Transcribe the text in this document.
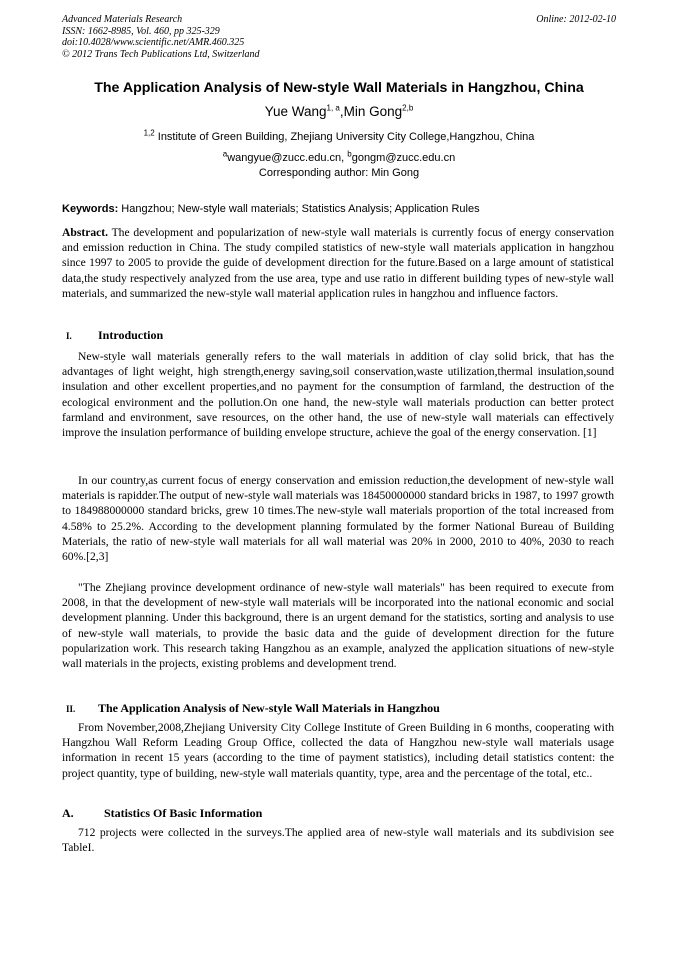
Advanced Materials Research
ISSN: 1662-8985, Vol. 460, pp 325-329
doi:10.4028/www.scientific.net/AMR.460.325
© 2012 Trans Tech Publications Ltd, Switzerland
Online: 2012-02-10
The Application Analysis of New-style Wall Materials in Hangzhou, China
Yue Wang$^{1, a}$,Min Gong$^{2,b}$
$^{1,2}$ Institute of Green Building, Zhejiang University City College,Hangzhou, China
$^a$wangyue@zucc.edu.cn, $^b$gongm@zucc.edu.cn
Corresponding author: Min Gong
Keywords: Hangzhou; New-style wall materials; Statistics Analysis; Application Rules
Abstract. The development and popularization of new-style wall materials is currently focus of energy conservation and emission reduction in China. The study compiled statistics of new-style wall materials application in hangzhou since 1997 to 2005 to provide the guide of development direction for the future.Based on a large amount of statistical data,the study respectively analyzed from the use area, type and use ratio in different building types of new-style wall materials, and summarized the new-style wall material application rules in hangzhou and influence factors.
I. Introduction
New-style wall materials generally refers to the wall materials in addition of clay solid brick, that has the advantages of light weight, high strength,energy saving,soil conservation,waste utilization,thermal insulation,sound insulation and other excellent properties,and no payment for the consumption of farmland, the destruction of the ecological environment and the pollution.On one hand, the new-style wall materials production can better protect farmland and environment, save resources, on the other hand, the use of new-style wall materials can effectively improve the insulation performance of building envelope structure, achieve the goal of the energy conservation. [1]
In our country,as current focus of energy conservation and emission reduction,the development of new-style wall materials is rapidder.The output of new-style wall materials was 18450000000 standard bricks in 1987, to 1997 growth to 184988000000 standard bricks, grew 10 times.The new-style wall materials proportion of the total increased from 4.58% to 25.2%. According to the development planning formulated by the former National Bureau of Building Materials, the ratio of new-style wall materials for all wall material was 20% in 2000, 2010 to 40%, 2030 to reach 60%.[2,3]
"The Zhejiang province development ordinance of new-style wall materials" has been required to execute from 2008, in that the development of new-style wall materials will be incorporated into the national economic and social development planning. Under this background, there is an urgent demand for the statistics, sorting and analysis to use of new-style wall materials, to provide the basic data and the guide of development direction for the future popularization work. This research taking Hangzhou as an example, analyzed the application situations of new-style wall materials in the projects, existing problems and development trend.
II. The Application Analysis of New-style Wall Materials in Hangzhou
From November,2008,Zhejiang University City College Institute of Green Building in 6 months, cooperating with Hangzhou Wall Reform Leading Group Office, collected the data of Hangzhou new-style wall materials usage information in recent 15 years (according to the time of payment statistics), including detail statistics content: the project quantity, type of building, new-style wall materials quantity, type, area and the percentage of the total, etc..
A.	Statistics Of Basic Information
712 projects were collected in the surveys.The applied area of new-style wall materials and its subdivision see TableI.
